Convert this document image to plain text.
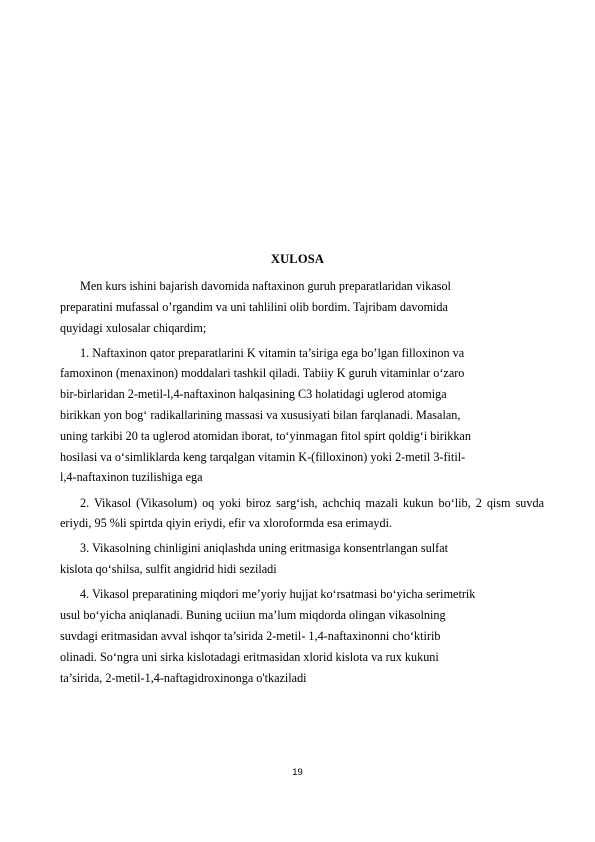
XULOSA

Men kurs ishini bajarish davomida naftaxinon guruh preparatlaridan vikasol
preparatini mufassal o’rgandim va uni tahlilini olib bordim. Tajribam davomida
quyidagi xulosalar chiqardim;

1. Naftaxinon qator preparatlarini K vitamin ta’siriga ega bo’lgan filloxinon va
famoxinon (menaxinon) moddalari tashkil qiladi. Tabiiy K guruh vitaminlar o‘zaro
bir-birlaridan 2-metil-l,4-naftaxinon halqasining C3 holatidagi uglerod atomiga
birikkan yon bog‘ radikallarining massasi va xususiyati bilan farqlanadi. Masalan,
uning tarkibi 20 ta uglerod atomidan iborat, to‘yinmagan fitol spirt qoldig‘i birikkan
hosilasi va o‘simliklarda keng tarqalgan vitamin K-(filloxinon) yoki 2-metil 3-fitil-
l,4-naftaxinon tuzilishiga ega

2. Vikasol (Vikasolum) oq yoki biroz sarg‘ish, achchiq mazali kukun bo‘lib, 2 qism suvda eriydi, 95 %li spirtda qiyin eriydi, efir va xloroformda esa erimaydi.

3. Vikasolning chinligini aniqlashda uning eritmasiga konsentrlangan sulfat
kislota qo‘shilsa, sulfit angidrid hidi seziladi

4. Vikasol preparatining miqdori me’yoriy hujjat ko‘rsatmasi bo‘yicha serimetrik
usul bo‘yicha aniqlanadi. Buning uciiun ma’lum miqdorda olingan vikasolning
suvdagi eritmasidan avval ishqor ta’sirida 2-metil- 1,4-naftaxinonni cho‘ktirib
olinadi. So‘ngra uni sirka kislotadagi eritmasidan xlorid kislota va rux kukuni
ta’sirida, 2-metil-1,4-naftagidroxinonga o'tkaziladi

19
